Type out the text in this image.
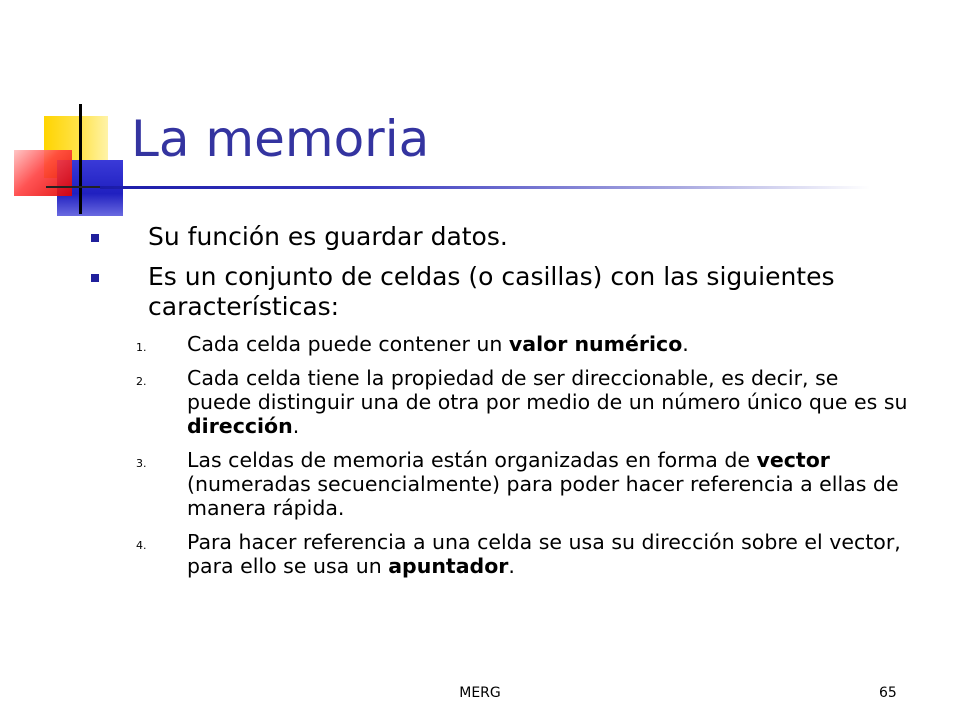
La memoria
Su función es guardar datos.
Es un conjunto de celdas (o casillas) con las siguientes características:
1. Cada celda puede contener un valor numérico.
2. Cada celda tiene la propiedad de ser direccionable, es decir, se puede distinguir una de otra por medio de un número único que es su dirección.
3. Las celdas de memoria están organizadas en forma de vector (numeradas secuencialmente) para poder hacer referencia a ellas de manera rápida.
4. Para hacer referencia a una celda se usa su dirección sobre el vector, para ello se usa un apuntador.
MERG	65
